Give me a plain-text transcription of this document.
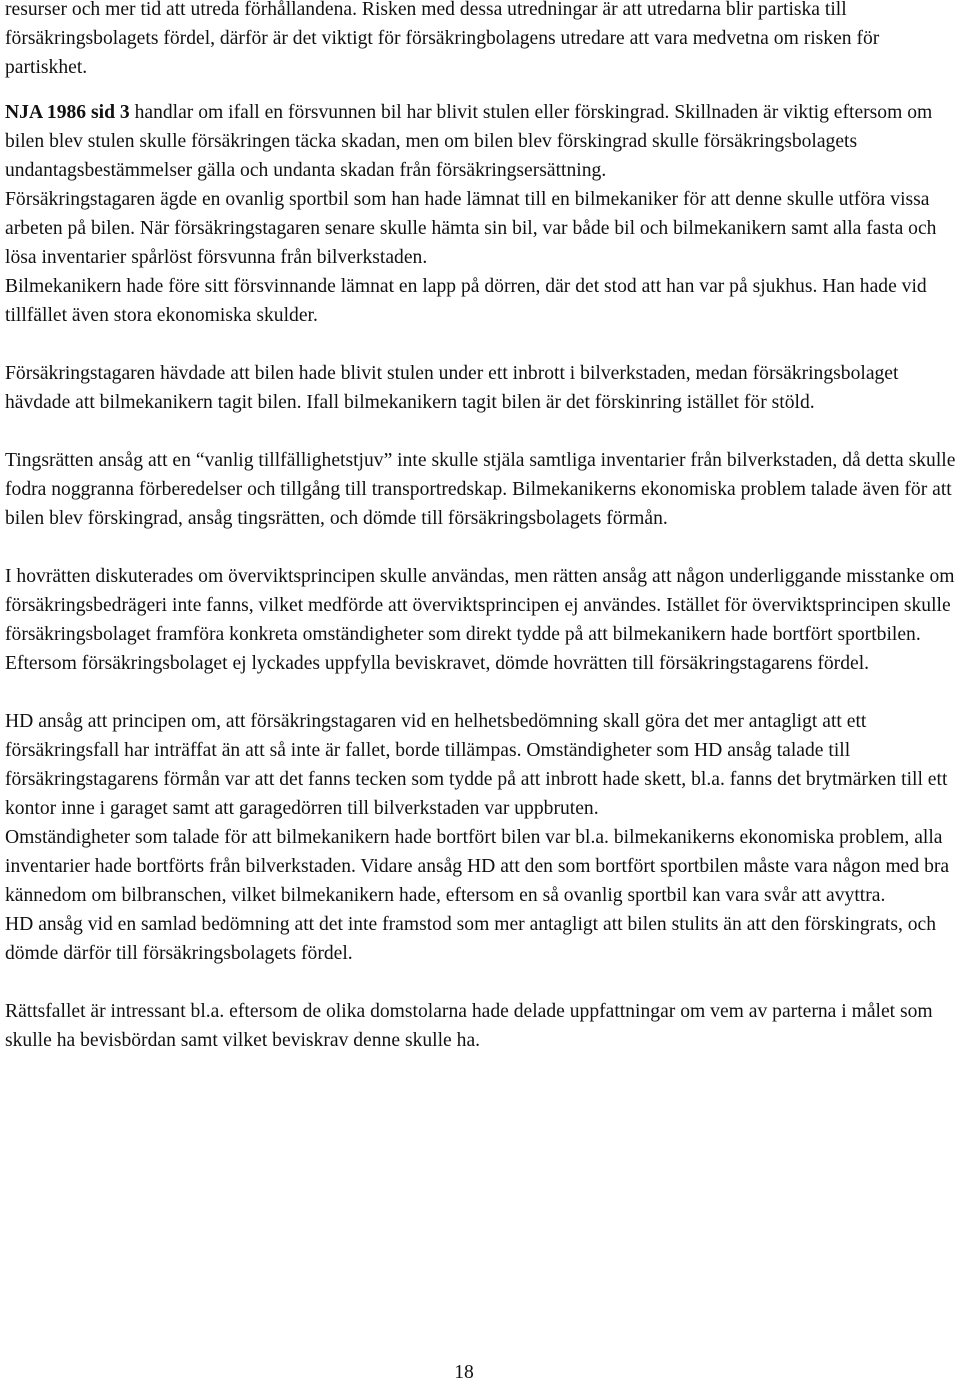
resurser och mer tid att utreda förhållandena. Risken med dessa utredningar är att utredarna blir partiska till försäkringsbolagets fördel, därför är det viktigt för försäkringbolagens utredare att vara medvetna om risken för partiskhet.

NJA 1986 sid 3 handlar om ifall en försvunnen bil har blivit stulen eller förskingrad. Skillnaden är viktig eftersom om bilen blev stulen skulle försäkringen täcka skadan, men om bilen blev förskingrad skulle försäkringsbolagets undantagsbestämmelser gälla och undanta skadan från försäkringsersättning.

Försäkringstagaren ägde en ovanlig sportbil som han hade lämnat till en bilmekaniker för att denne skulle utföra vissa arbeten på bilen. När försäkringstagaren senare skulle hämta sin bil, var både bil och bilmekanikern samt alla fasta och lösa inventarier spårlöst försvunna från bilverkstaden.

Bilmekanikern hade före sitt försvinnande lämnat en lapp på dörren, där det stod att han var på sjukhus. Han hade vid tillfället även stora ekonomiska skulder.

Försäkringstagaren hävdade att bilen hade blivit stulen under ett inbrott i bilverkstaden, medan försäkringsbolaget hävdade att bilmekanikern tagit bilen. Ifall bilmekanikern tagit bilen är det förskinring istället för stöld.

Tingsrätten ansåg att en “vanlig tillfällighetstjuv” inte skulle stjäla samtliga inventarier från bilverkstaden, då detta skulle fodra noggranna förberedelser och tillgång till transportredskap. Bilmekanikerns ekonomiska problem talade även för att bilen blev förskingrad, ansåg tingsrätten, och dömde till försäkringsbolagets förmån.

I hovrätten diskuterades om överviktsprincipen skulle användas, men rätten ansåg att någon underliggande misstanke om försäkringsbedrägeri inte fanns, vilket medförde att överviktsprincipen ej användes. Istället för överviktsprincipen skulle försäkringsbolaget framföra konkreta omständigheter som direkt tydde på att bilmekanikern hade bortfört sportbilen. Eftersom försäkringsbolaget ej lyckades uppfylla beviskravet, dömde hovrätten till försäkringstagarens fördel.

HD ansåg att principen om, att försäkringstagaren vid en helhetsbedömning skall göra det mer antagligt att ett försäkringsfall har inträffat än att så inte är fallet, borde tillämpas. Omständigheter som HD ansåg talade till försäkringstagarens förmån var att det fanns tecken som tydde på att inbrott hade skett, bl.a. fanns det brytmärken till ett kontor inne i garaget samt att garagedörren till bilverkstaden var uppbruten.

Omständigheter som talade för att bilmekanikern hade bortfört bilen var bl.a. bilmekanikerns ekonomiska problem, alla inventarier hade bortförts från bilverkstaden. Vidare ansåg HD att den som bortfört sportbilen måste vara någon med bra kännedom om bilbranschen, vilket bilmekanikern hade, eftersom en så ovanlig sportbil kan vara svår att avyttra.

HD ansåg vid en samlad bedömning att det inte framstod som mer antagligt att bilen stulits än att den förskingrats, och dömde därför till försäkringsbolagets fördel.

Rättsfallet är intressant bl.a. eftersom de olika domstolarna hade delade uppfattningar om vem av parterna i målet som skulle ha bevisbördan samt vilket beviskrav denne skulle ha.

18
